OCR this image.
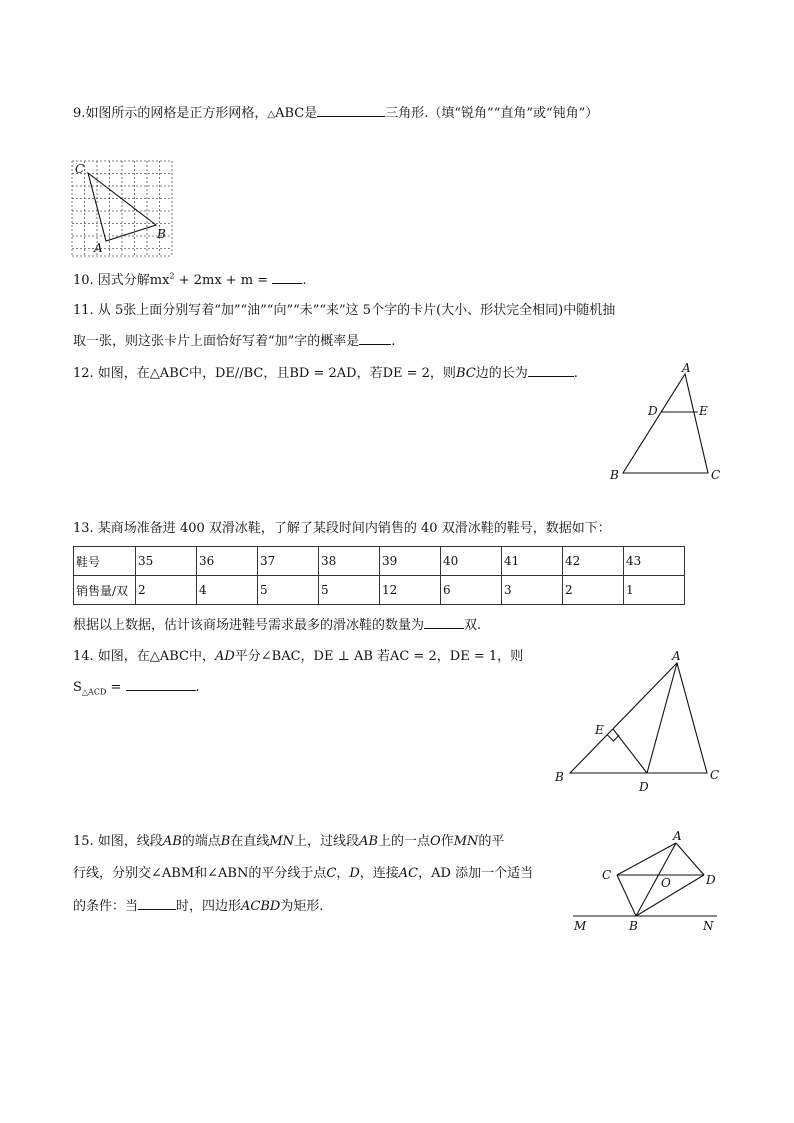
9.如图所示的网格是正方形网格，△ABC是	三角形.（填“锐角”“直角”或“钝角”）
C
A
B
10. 因式分解$mx^2 + 2mx + m$ =	.
11. 从 5张上面分别写着“加”“油”“向”“未”“来”这 5个字的卡片(大小、形状完全相同)中随机抽
取一张，则这张卡片上面恰好写着“加”字的概率是 .
12. 如图，在△ABC中，DE//BC，且BD = 2AD，若DE = 2，则BC边的长为	.	A
D	E
B	C
13. 某商场准备进 400 双滑冰鞋，了解了某段时间内销售的 40 双滑冰鞋的鞋号，数据如下：
鞋号	35	36	37	38	39	40	41	42	43
销售量/双	2	4	5	5	12	6	3	2	1
根据以上数据，估计该商场进鞋号需求最多的滑冰鞋的数量为	双.
14. 如图，在△ABC中，AD平分∠BAC，DE ⊥ AB 若AC = 2，DE = 1，则
$S_{\triangle ACD}$ =	.
A
E
B
D
C
15. 如图，线段AB的端点B在直线MN上，过线段AB上的一点O作MN的平
行线，分别交∠ABM和∠ABN的平分线于点C，D，连接AC，AD 添加一个适当
的条件：当	时，四边形ACBD为矩形.
A
C
O	D
M	B	N
